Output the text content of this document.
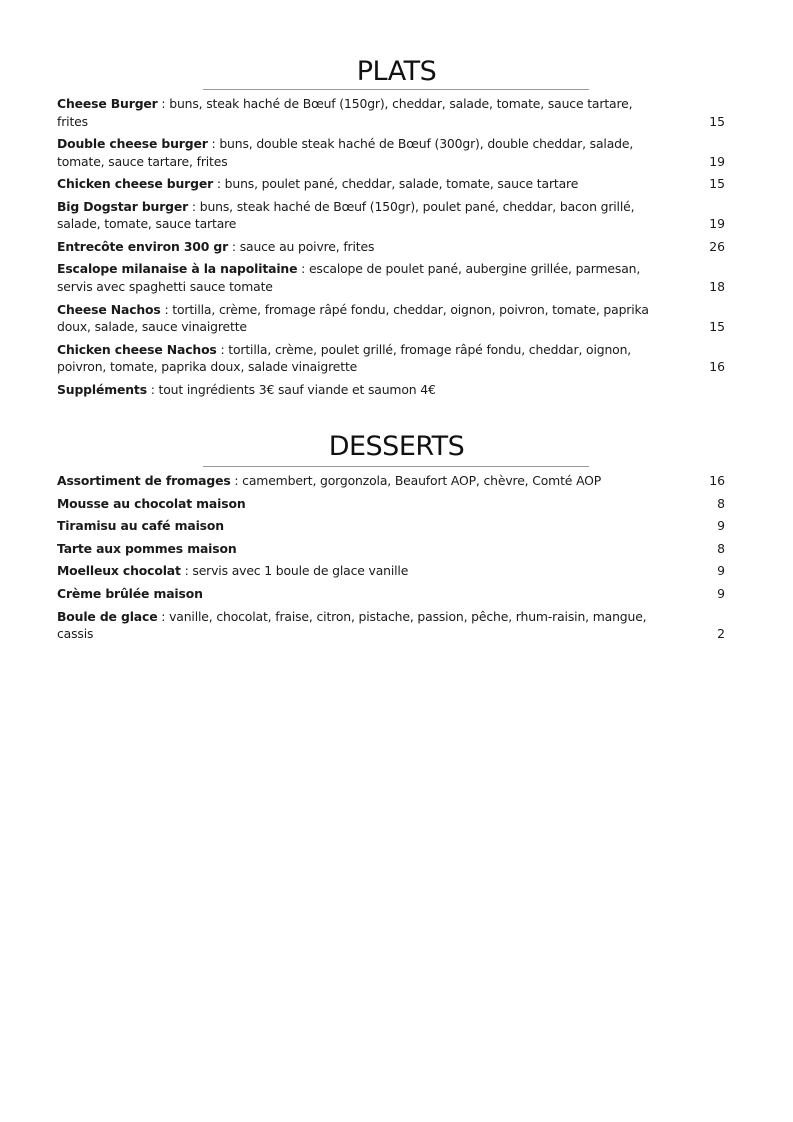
PLATS
Cheese Burger : buns, steak haché de Bœuf (150gr), cheddar, salade, tomate, sauce tartare, frites	15
Double cheese burger : buns, double steak haché de Bœuf (300gr), double cheddar, salade, tomate, sauce tartare, frites	19
Chicken cheese burger : buns, poulet pané, cheddar, salade, tomate, sauce tartare	15
Big Dogstar burger : buns, steak haché de Bœuf (150gr), poulet pané, cheddar, bacon grillé, salade, tomate, sauce tartare	19
Entrecôte environ 300 gr : sauce au poivre, frites	26
Escalope milanaise à la napolitaine : escalope de poulet pané, aubergine grillée, parmesan, servis avec spaghetti sauce tomate	18
Cheese Nachos : tortilla, crème, fromage râpé fondu, cheddar, oignon, poivron, tomate, paprika doux, salade, sauce vinaigrette	15
Chicken cheese Nachos : tortilla, crème, poulet grillé, fromage râpé fondu, cheddar, oignon, poivron, tomate, paprika doux, salade vinaigrette	16
Suppléments : tout ingrédients 3€ sauf viande et saumon 4€
DESSERTS
Assortiment de fromages : camembert, gorgonzola, Beaufort AOP, chèvre, Comté AOP	16
Mousse au chocolat maison	8
Tiramisu au café maison	9
Tarte aux pommes maison	8
Moelleux chocolat : servis avec 1 boule de glace vanille	9
Crème brûlée maison	9
Boule de glace : vanille, chocolat, fraise, citron, pistache, passion, pêche, rhum-raisin, mangue, cassis	2
